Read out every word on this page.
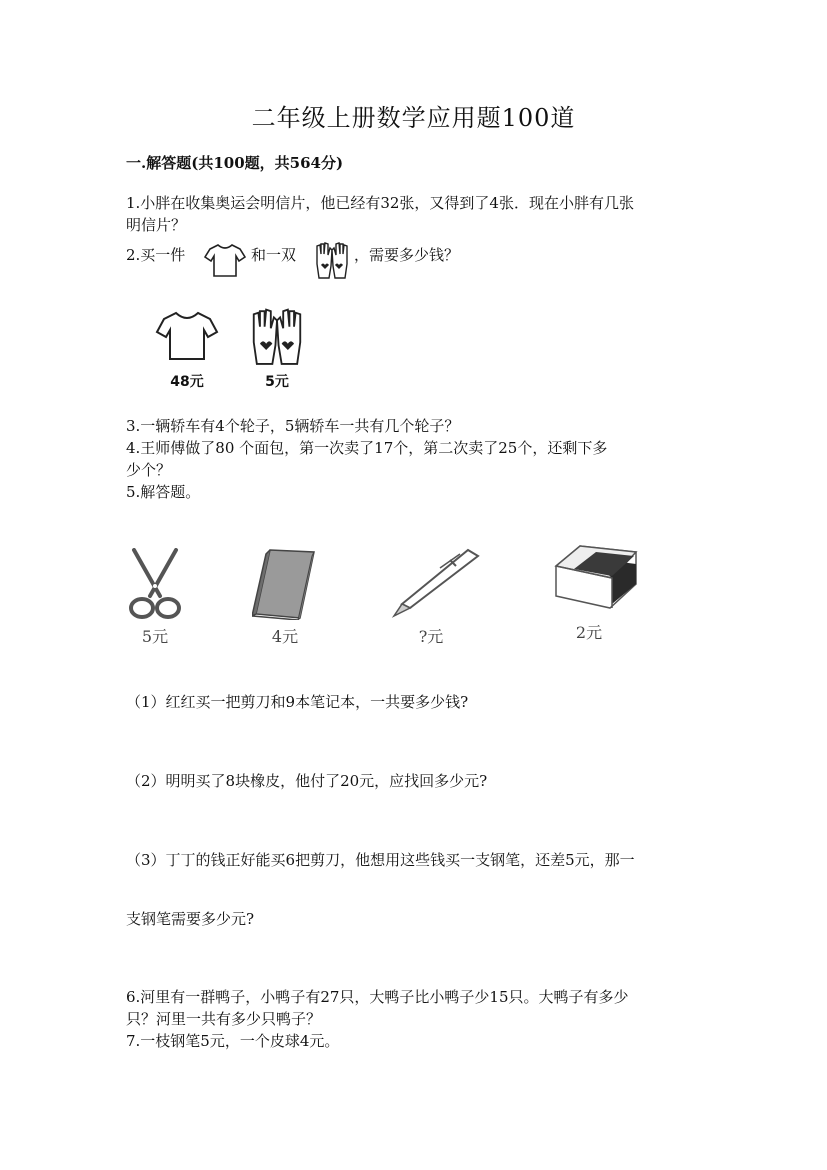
二年级上册数学应用题100道
一.解答题(共100题，共564分)
1.小胖在收集奥运会明信片，他已经有32张，又得到了4张．现在小胖有几张
明信片？
2.买一件	和一双	，需要多少钱？
48元	5元
3.一辆轿车有4个轮子，5辆轿车一共有几个轮子？
4.王师傅做了80 个面包，第一次卖了17个，第二次卖了25个，还剩下多
少个？
5.解答题。
5元	4元	?元	2元
（1）红红买一把剪刀和9本笔记本，一共要多少钱?
（2）明明买了8块橡皮，他付了20元，应找回多少元?
（3）丁丁的钱正好能买6把剪刀，他想用这些钱买一支钢笔，还差5元，那一
支钢笔需要多少元?
6.河里有一群鸭子，小鸭子有27只，大鸭子比小鸭子少15只。大鸭子有多少
只？河里一共有多少只鸭子？
7.一枝钢笔5元，一个皮球4元。
